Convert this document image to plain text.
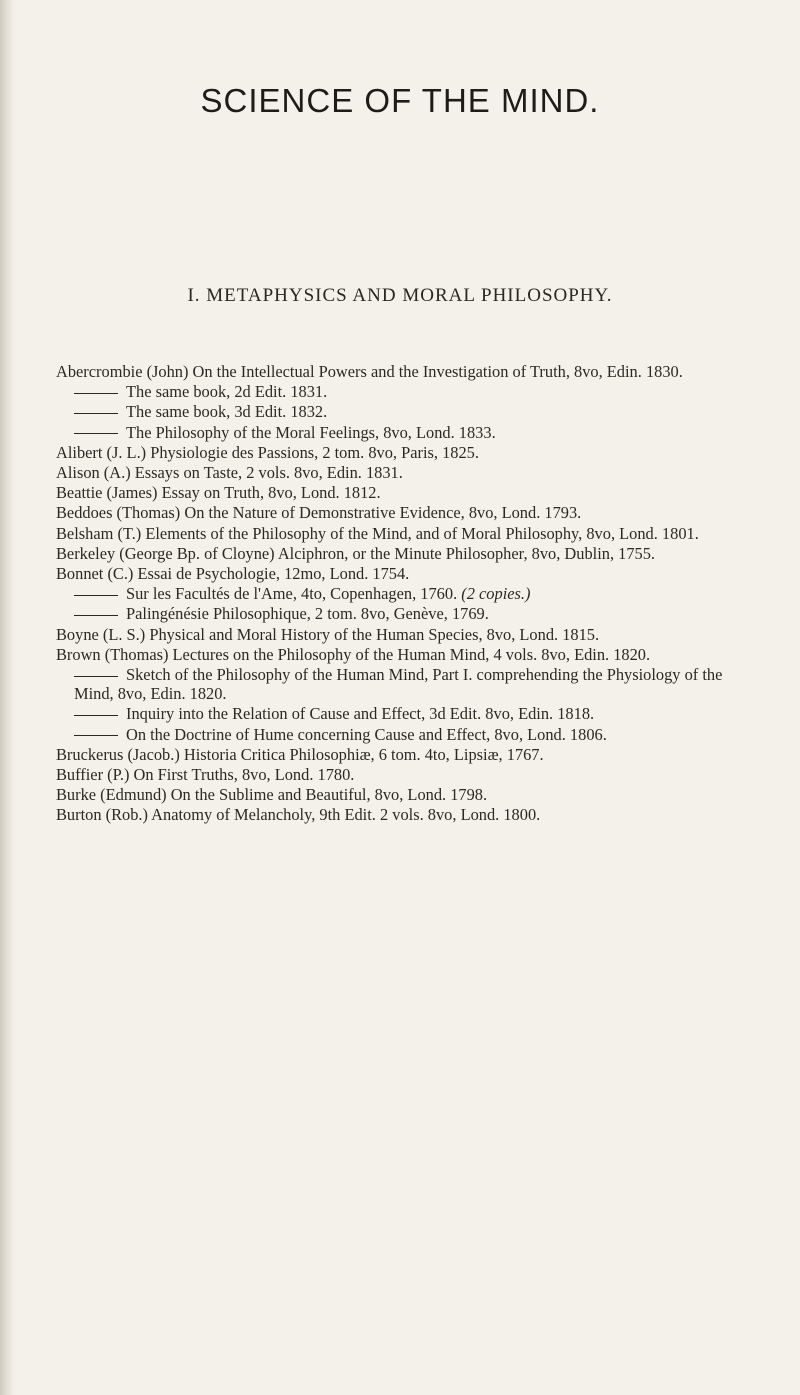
SCIENCE OF THE MIND.
I. METAPHYSICS AND MORAL PHILOSOPHY.
Abercrombie (John) On the Intellectual Powers and the Investigation of Truth, 8vo, Edin. 1830.
The same book, 2d Edit. 1831.
The same book, 3d Edit. 1832.
The Philosophy of the Moral Feelings, 8vo, Lond. 1833.
Alibert (J. L.) Physiologie des Passions, 2 tom. 8vo, Paris, 1825.
Alison (A.) Essays on Taste, 2 vols. 8vo, Edin. 1831.
Beattie (James) Essay on Truth, 8vo, Lond. 1812.
Beddoes (Thomas) On the Nature of Demonstrative Evidence, 8vo, Lond. 1793.
Belsham (T.) Elements of the Philosophy of the Mind, and of Moral Philosophy, 8vo, Lond. 1801.
Berkeley (George Bp. of Cloyne) Alciphron, or the Minute Philosopher, 8vo, Dublin, 1755.
Bonnet (C.) Essai de Psychologie, 12mo, Lond. 1754.
Sur les Facultés de l'Ame, 4to, Copenhagen, 1760. (2 copies.)
Palingénésie Philosophique, 2 tom. 8vo, Genève, 1769.
Boyne (L. S.) Physical and Moral History of the Human Species, 8vo, Lond. 1815.
Brown (Thomas) Lectures on the Philosophy of the Human Mind, 4 vols. 8vo, Edin. 1820.
Sketch of the Philosophy of the Human Mind, Part I. comprehending the Physiology of the Mind, 8vo, Edin. 1820.
Inquiry into the Relation of Cause and Effect, 3d Edit. 8vo, Edin. 1818.
On the Doctrine of Hume concerning Cause and Effect, 8vo, Lond. 1806.
Bruckerus (Jacob.) Historia Critica Philosophiæ, 6 tom. 4to, Lipsiæ, 1767.
Buffier (P.) On First Truths, 8vo, Lond. 1780.
Burke (Edmund) On the Sublime and Beautiful, 8vo, Lond. 1798.
Burton (Rob.) Anatomy of Melancholy, 9th Edit. 2 vols. 8vo, Lond. 1800.
